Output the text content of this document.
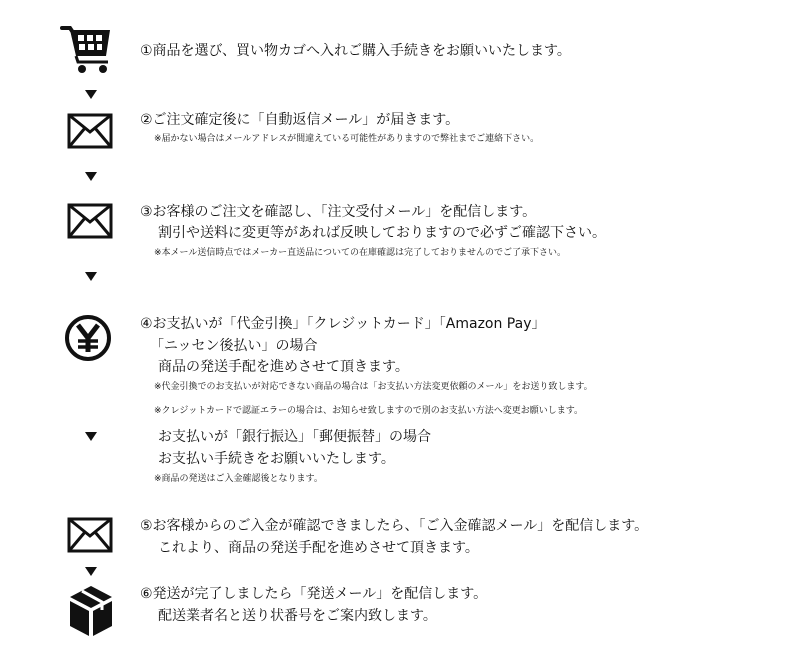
①商品を選び、買い物カゴへ入れご購入手続きをお願いいたします。
②ご注文確定後に「自動返信メール」が届きます。
※届かない場合はメールアドレスが間違えている可能性がありますので弊社までご連絡下さい。
③お客様のご注文を確認し、「注文受付メール」を配信します。
割引や送料に変更等があれば反映しておりますので必ずご確認下さい。
※本メール送信時点ではメーカー直送品についての在庫確認は完了しておりませんのでご了承下さい。
④お支払いが「代金引換」「クレジットカード」「Amazon Pay」
「ニッセン後払い」の場合
商品の発送手配を進めさせて頂きます。
※代金引換でのお支払いが対応できない商品の場合は「お支払い方法変更依頼のメール」をお送り致します。
※クレジットカードで認証エラーの場合は、お知らせ致しますので別のお支払い方法へ変更お願いします。
お支払いが「銀行振込」「郵便振替」の場合
お支払い手続きをお願いいたします。
※商品の発送はご入金確認後となります。
⑤お客様からのご入金が確認できましたら、「ご入金確認メール」を配信します。
これより、商品の発送手配を進めさせて頂きます。
⑥発送が完了しましたら「発送メール」を配信します。
配送業者名と送り状番号をご案内致します。
